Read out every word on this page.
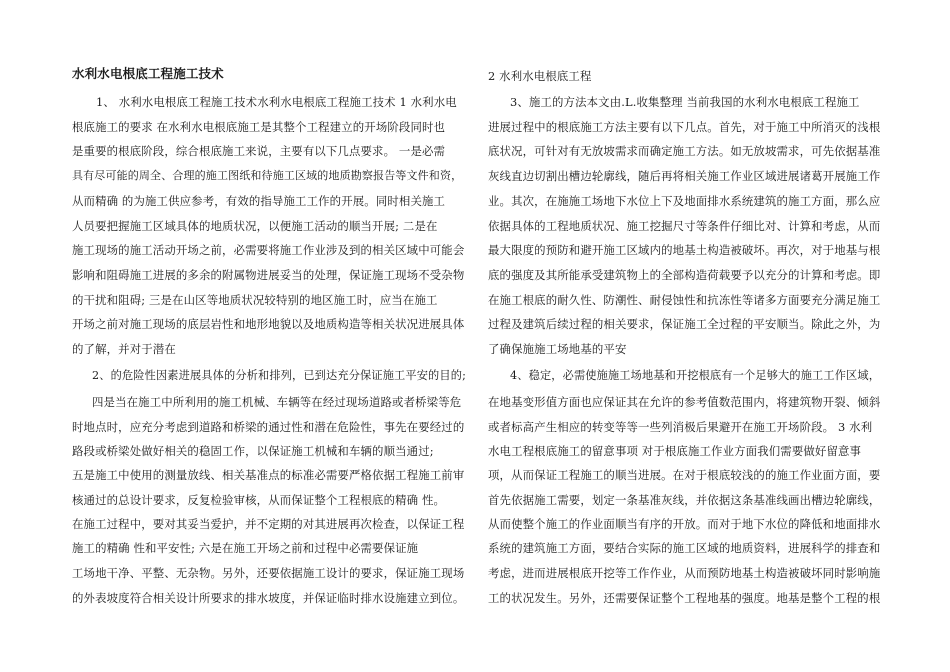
水利水电根底工程施工技术
1、 水利水电根底工程施工技术水利水电根底工程施工技术 1 水利水电
根底施工的要求 在水利水电根底施工是其整个工程建立的开场阶段同时也
是重要的根底阶段，综合根底施工来说，主要有以下几点要求。 一是必需
具有尽可能的周全、合理的施工图纸和待施工区域的地质勘察报告等文件和资，
从而精确 的为施工供应参考，有效的指导施工工作的开展。同时相关施工
人员要把握施工区域具体的地质状况，以便施工活动的顺当开展; 二是在
施工现场的施工活动开场之前，必需要将施工作业涉及到的相关区域中可能会
影响和阻碍施工进展的多余的附属物进展妥当的处理，保证施工现场不受杂物
的干扰和阻碍; 三是在山区等地质状况较特别的地区施工时，应当在施工
开场之前对施工现场的底层岩性和地形地貌以及地质构造等相关状况进展具体
的了解，并对于潜在
2、的危险性因素进展具体的分析和排列，已到达充分保证施工平安的目的;
四是当在施工中所利用的施工机械、车辆等在经过现场道路或者桥梁等危
时地点时，应充分考虑到道路和桥梁的通过性和潜在危险性，事先在要经过的
路段或桥梁处做好相关的稳固工作，以保证施工机械和车辆的顺当通过;
五是施工中使用的测量放线、相关基准点的标准必需要严格依据工程施工前审
核通过的总设计要求，反复检验审核，从而保证整个工程根底的精确 性。
在施工过程中，要对其妥当爱护，并不定期的对其进展再次检查，以保证工程
施工的精确 性和平安性; 六是在施工开场之前和过程中必需要保证施
工场地干净、平整、无杂物。另外，还要依据施工设计的要求，保证施工现场
的外表坡度符合相关设计所要求的排水坡度，并保证临时排水设施建立到位。
2 水利水电根底工程
3、施工的方法本文由.L.收集整理 当前我国的水利水电根底工程施工
进展过程中的根底施工方法主要有以下几点。首先，对于施工中所消灭的浅根
底状况，可针对有无放坡需求而确定施工方法。如无放坡需求，可先依据基准
灰线直边切割出槽边轮廓线，随后再将相关施工作业区域进展诸葛开展施工作
业。其次，在施施工场地下水位上下及地面排水系统建筑的施工方面，那么应
依据具体的工程地质状况、施工挖掘尺寸等条件仔细比对、计算和考虑，从而
最大限度的预防和避开施工区域内的地基土构造被破坏。再次，对于地基与根
底的强度及其所能承受建筑物上的全部构造荷载要予以充分的计算和考虑。即
在施工根底的耐久性、防潮性、耐侵蚀性和抗冻性等诸多方面要充分满足施工
过程及建筑后续过程的相关要求，保证施工全过程的平安顺当。除此之外，为
了确保施施工场地基的平安
4、稳定，必需使施施工场地基和开挖根底有一个足够大的施工工作区域，
在地基变形值方面也应保证其在允许的参考值数范围内，将建筑物开裂、倾斜
或者标高产生相应的转变等等一些列消极后果避开在施工开场阶段。 3 水利
水电工程根底施工的留意事项 对于根底施工作业方面我们需要做好留意事
项，从而保证工程施工的顺当进展。在对于根底较浅的的施工作业面方面，要
首先依据施工需要，划定一条基准灰线，并依据这条基准线画出槽边轮廓线，
从而使整个施工的作业面顺当有序的开放。而对于地下水位的降低和地面排水
系统的建筑施工方面，要结合实际的施工区域的地质资料，进展科学的排查和
考虑，进而进展根底开挖等工作作业，从而预防地基土构造被破坏同时影响施
工的状况发生。另外，还需要保证整个工程地基的强度。地基是整个工程的根
